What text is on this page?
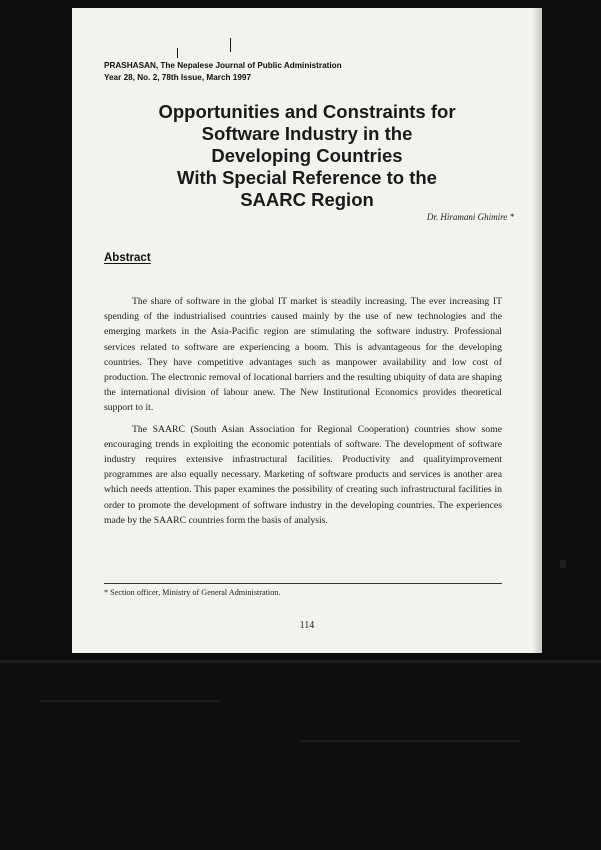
PRASHASAN, The Nepalese Journal of Public Administration
Year 28, No. 2, 78th Issue, March 1997
Opportunities and Constraints for
Software Industry in the
Developing Countries
With Special Reference to the
SAARC Region
Dr. Hiramani Ghimire *
Abstract

The share of software in the global IT market is steadily increasing. The ever increasing IT spending of the industrialised countries caused mainly by the use of new technologies and the emerging markets in the Asia-Pacific region are stimulating the software industry. Professional services related to software are experiencing a boom. This is advantageous for the developing countries. They have competitive advantages such as manpower availability and low cost of production. The electronic removal of locational barriers and the resulting ubiquity of data are shaping the international division of labour anew. The New Institutional Economics provides theoretical support to it.

The SAARC (South Asian Association for Regional Cooperation) countries show some encouraging trends in exploiting the economic potentials of software. The development of software industry requires extensive infrastructural facilities. Productivity and qualityimprovement programmes are also equally necessary. Marketing of software products and services is another area which needs attention. This paper examines the possibility of creating such infrastructural facilities in order to promote the development of software industry in the developing countries. The experiences made by the SAARC countries form the basis of analysis.

* Section officer, Ministry of General Administration.
114
